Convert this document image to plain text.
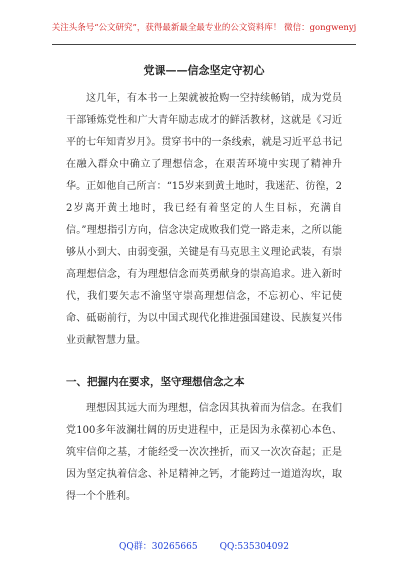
关注头条号“公文研究”，获得最新最全最专业的公文资料库！ 微信：gongwenyj
党课——信念坚定守初心

这几年，有本书一上架就被抢购一空持续畅销，成为党员干部锤炼党性和广大青年励志成才的鲜活教材，这就是《习近平的七年知青岁月》。贯穿书中的一条线索，就是习近平总书记在融入群众中确立了理想信念，在艰苦环境中实现了精神升华。正如他自己所言：“15岁来到黄土地时，我迷茫、彷徨，22岁离开黄土地时，我已经有着坚定的人生目标，充满自信。”理想指引方向，信念决定成败我们党一路走来，之所以能够从小到大、由弱变强，关键是有马克思主义理论武装，有崇高理想信念，有为理想信念而英勇献身的崇高追求。进入新时代，我们要矢志不渝坚守崇高理想信念，不忘初心、牢记使命、砥砺前行，为以中国式现代化推进强国建设、民族复兴伟业贡献智慧力量。

一、把握内在要求，坚守理想信念之本

理想因其远大而为理想，信念因其执着而为信念。在我们党100多年波澜壮阔的历史进程中，正是因为永葆初心本色、筑牢信仰之基，才能经受一次次挫折，而又一次次奋起；正是因为坚定执着信念、补足精神之钙，才能跨过一道道沟坎，取得一个个胜利。

QQ群：30265665 QQ:535304092
